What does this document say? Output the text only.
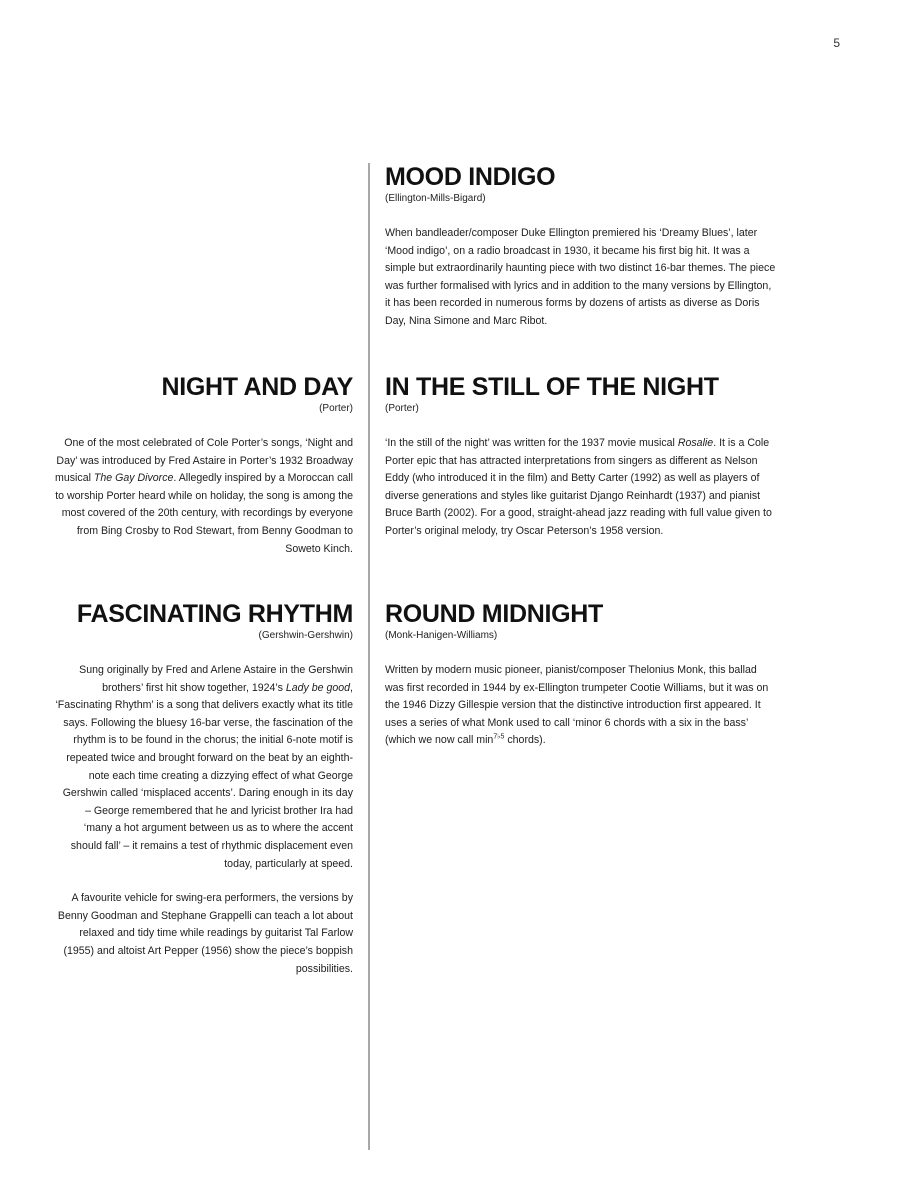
5
MOOD INDIGO
(Ellington-Mills-Bigard)

When bandleader/composer Duke Ellington premiered his ‘Dreamy Blues’, later ‘Mood indigo’, on a radio broadcast in 1930, it became his first big hit. It was a simple but extraordinarily haunting piece with two distinct 16-bar themes. The piece was further formalised with lyrics and in addition to the many versions by Ellington, it has been recorded in numerous forms by dozens of artists as diverse as Doris Day, Nina Simone and Marc Ribot.

NIGHT AND DAY
(Porter)

One of the most celebrated of Cole Porter’s songs, ‘Night and Day’ was introduced by Fred Astaire in Porter’s 1932 Broadway musical The Gay Divorce. Allegedly inspired by a Moroccan call to worship Porter heard while on holiday, the song is among the most covered of the 20th century, with recordings by everyone from Bing Crosby to Rod Stewart, from Benny Goodman to Soweto Kinch.

IN THE STILL OF THE NIGHT
(Porter)

‘In the still of the night’ was written for the 1937 movie musical Rosalie. It is a Cole Porter epic that has attracted interpretations from singers as different as Nelson Eddy (who introduced it in the film) and Betty Carter (1992) as well as players of diverse generations and styles like guitarist Django Reinhardt (1937) and pianist Bruce Barth (2002). For a good, straight-ahead jazz reading with full value given to Porter’s original melody, try Oscar Peterson’s 1958 version.

FASCINATING RHYTHM
(Gershwin-Gershwin)

Sung originally by Fred and Arlene Astaire in the Gershwin brothers’ first hit show together, 1924’s Lady be good, ‘Fascinating Rhythm’ is a song that delivers exactly what its title says. Following the bluesy 16-bar verse, the fascination of the rhythm is to be found in the chorus; the initial 6-note motif is repeated twice and brought forward on the beat by an eighth-note each time creating a dizzying effect of what George Gershwin called ‘misplaced accents’. Daring enough in its day – George remembered that he and lyricist brother Ira had ‘many a hot argument between us as to where the accent should fall’ – it remains a test of rhythmic displacement even today, particularly at speed.

A favourite vehicle for swing-era performers, the versions by Benny Goodman and Stephane Grappelli can teach a lot about relaxed and tidy time while readings by guitarist Tal Farlow (1955) and altoist Art Pepper (1956) show the piece’s boppish possibilities.

ROUND MIDNIGHT
(Monk-Hanigen-Williams)

Written by modern music pioneer, pianist/composer Thelonius Monk, this ballad was first recorded in 1944 by ex-Ellington trumpeter Cootie Williams, but it was on the 1946 Dizzy Gillespie version that the distinctive introduction first appeared. It uses a series of what Monk used to call ‘minor 6 chords with a six in the bass’ (which we now call $\min^{7♭5}$ chords).
